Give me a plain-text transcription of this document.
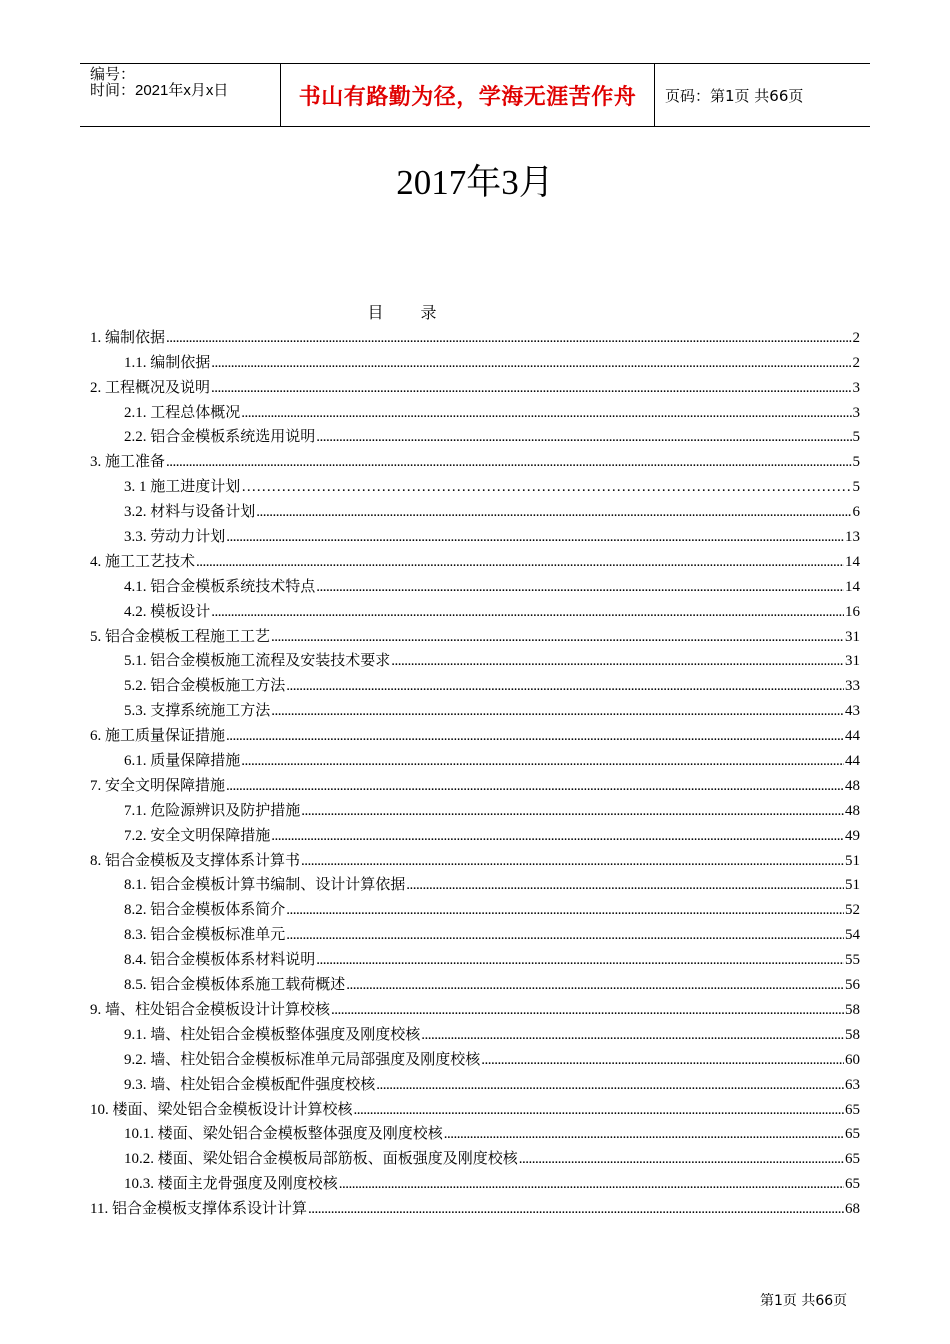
编号：
时间：2021年x月x日	书山有路勤为径，学海无涯苦作舟	页码：第1页 共66页
2017年3月
目 录
1. 编制依据 .....	2
1.1. 编制依据 .....	2
2. 工程概况及说明 .....	3
2.1. 工程总体概况 .....	3
2.2. 铝合金模板系统选用说明 .....	5
3. 施工准备 .....	5
3. 1 施工进度计划 …………………………………………………………………………………………………………………………………………………………………………………………	5
3.2. 材料与设备计划 .....	6
3.3. 劳动力计划 .....	13
4. 施工工艺技术 .....	14
4.1. 铝合金模板系统技术特点 .....	14
4.2. 模板设计 .....	16
5. 铝合金模板工程施工工艺 .....	31
5.1. 铝合金模板施工流程及安装技术要求 .....	31
5.2. 铝合金模板施工方法 .....	33
5.3. 支撑系统施工方法 .....	43
6. 施工质量保证措施 .....	44
6.1. 质量保障措施 .....	44
7. 安全文明保障措施 .....	48
7.1. 危险源辨识及防护措施 .....	48
7.2. 安全文明保障措施 .....	49
8. 铝合金模板及支撑体系计算书 .....	51
8.1. 铝合金模板计算书编制、设计计算依据 .....	51
8.2. 铝合金模板体系简介 .....	52
8.3. 铝合金模板标准单元 .....	54
8.4. 铝合金模板体系材料说明 .....	55
8.5. 铝合金模板体系施工载荷概述 .....	56
9. 墙、柱处铝合金模板设计计算校核 .....	58
9.1. 墙、柱处铝合金模板整体强度及刚度校核 .....	58
9.2. 墙、柱处铝合金模板标准单元局部强度及刚度校核 .....	60
9.3. 墙、柱处铝合金模板配件强度校核 .....	63
10. 楼面、梁处铝合金模板设计计算校核 .....	65
10.1. 楼面、梁处铝合金模板整体强度及刚度校核 .....	65
10.2. 楼面、梁处铝合金模板局部筋板、面板强度及刚度校核 .....	65
10.3. 楼面主龙骨强度及刚度校核 .....	65
11. 铝合金模板支撑体系设计计算 .....	68
第1页 共66页
